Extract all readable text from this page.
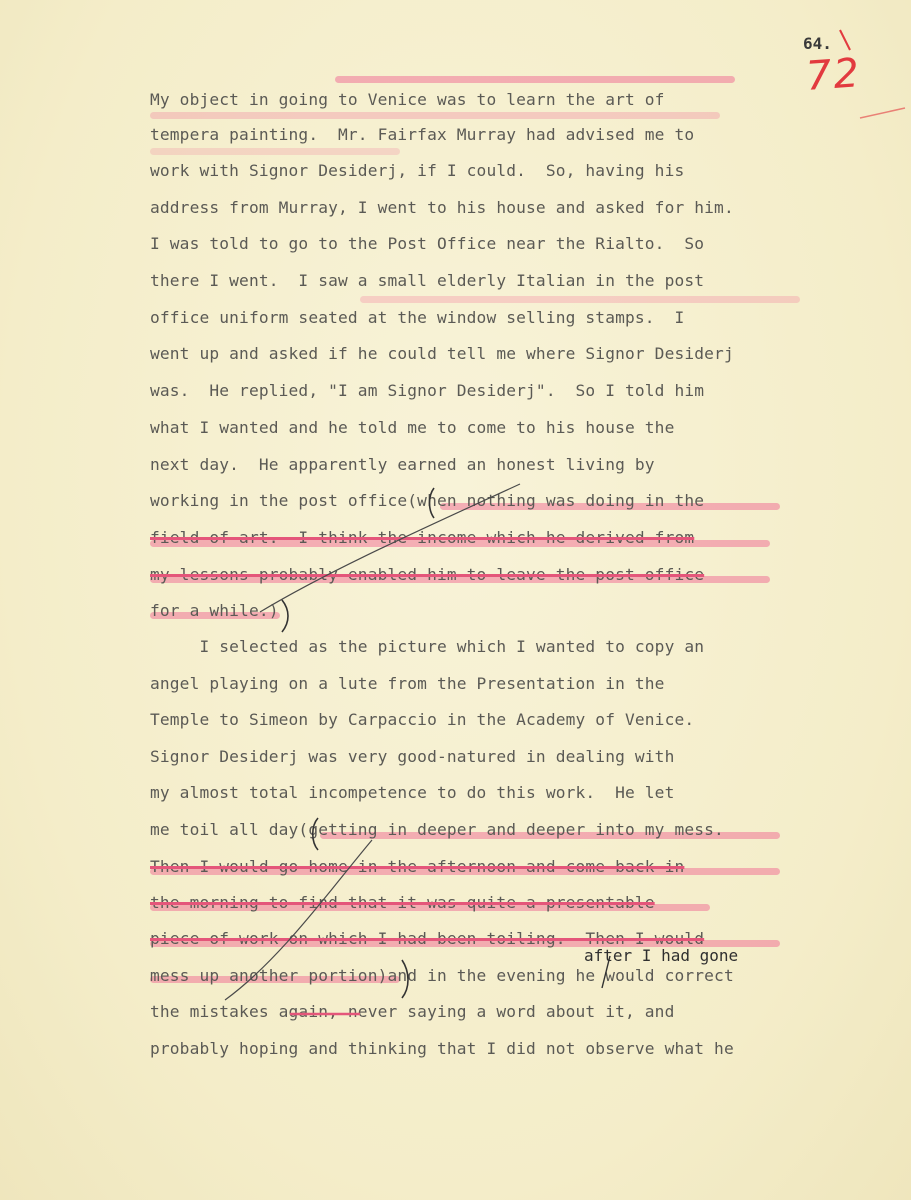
64.
72
My object in going to Venice was to learn the art of
tempera painting.  Mr. Fairfax Murray had advised me to
work with Signor Desiderj, if I could.  So, having his
address from Murray, I went to his house and asked for him.
I was told to go to the Post Office near the Rialto.  So
there I went.  I saw a small elderly Italian in the post
office uniform seated at the window selling stamps.  I
went up and asked if he could tell me where Signor Desiderj
was.  He replied, "I am Signor Desiderj".  So I told him
what I wanted and he told me to come to his house the
next day.  He apparently earned an honest living by
working in the post office(when nothing was doing in the
field of art.  I think the income which he derived from
my lessons probably enabled him to leave the post office
for a while.)
I selected as the picture which I wanted to copy an
angel playing on a lute from the Presentation in the
Temple to Simeon by Carpaccio in the Academy of Venice.
Signor Desiderj was very good-natured in dealing with
my almost total incompetence to do this work.  He let
me toil all day(getting in deeper and deeper into my mess.
Then I would go home in the afternoon and come back in
the morning to find that it was quite a presentable
piece of work on which I had been toiling.  Then I would
mess up another portion)and in the evening he would correct
the mistakes again, never saying a word about it, and
probably hoping and thinking that I did not observe what he
after I had gone
